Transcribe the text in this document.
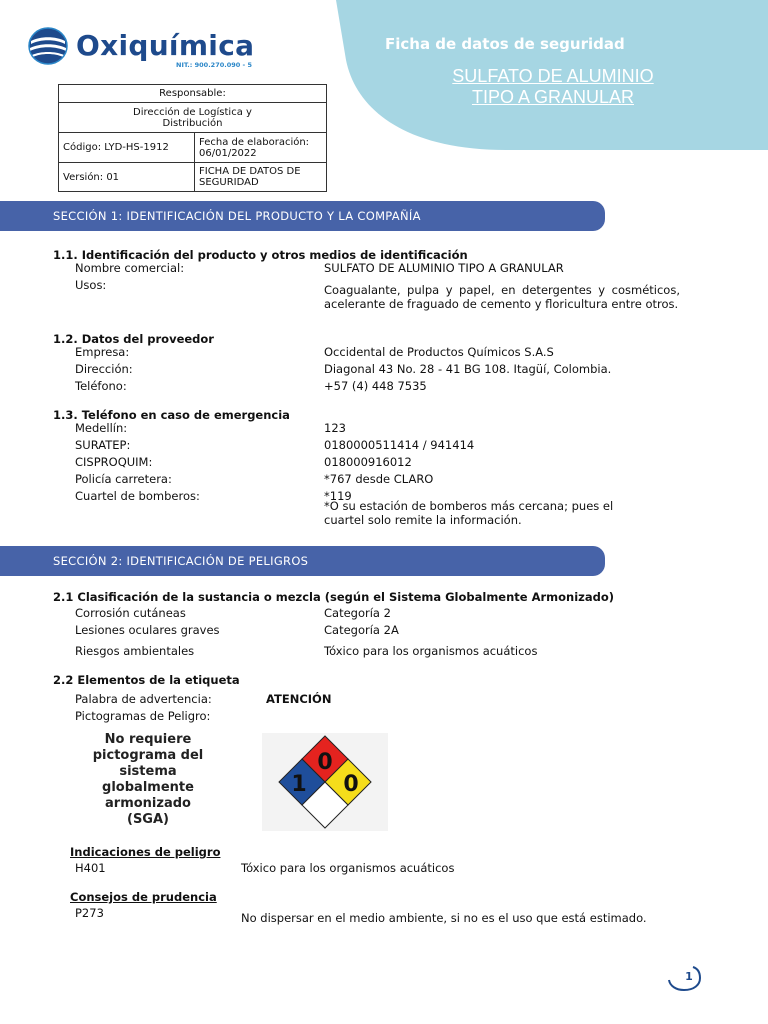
Ficha de datos de seguridad
SULFATO DE ALUMINIO
TIPO A GRANULAR
Oxiquímica
NIT.: 900.270.090 - 5
Responsable:	
Dirección de Logística y Distribución	
Código: LYD-HS-1912	Fecha de elaboración: 06/01/2022
Versión: 01	FICHA DE DATOS DE SEGURIDAD
SECCIÓN 1: IDENTIFICACIÓN DEL PRODUCTO Y LA COMPAÑÍA
1.1. Identificación del producto y otros medios de identificación
Nombre comercial:	SULFATO DE ALUMINIO TIPO A GRANULAR
Usos:	Coagualante, pulpa y papel, en detergentes y cosméticos, acelerante de fraguado de cemento y floricultura entre otros.
1.2. Datos del proveedor
Empresa:	Occidental de Productos Químicos S.A.S
Dirección:	Diagonal 43 No. 28 - 41 BG 108. Itagüí, Colombia.
Teléfono:	+57 (4) 448 7535
1.3. Teléfono en caso de emergencia
Medellín:	123
SURATEP:	0180000511414 / 941414
CISPROQUIM:	018000916012
Policía carretera:	*767 desde CLARO
Cuartel de bomberos:	*119
*O su estación de bomberos más cercana; pues el cuartel solo remite la información.
SECCIÓN 2: IDENTIFICACIÓN DE PELIGROS
2.1 Clasificación de la sustancia o mezcla (según el Sistema Globalmente Armonizado)
Corrosión cutáneas	Categoría 2
Lesiones oculares graves	Categoría 2A
Riesgos ambientales	Tóxico para los organismos acuáticos
2.2 Elementos de la etiqueta
Palabra de advertencia:	ATENCIÓN
Pictogramas de Peligro:
No requiere pictograma del sistema globalmente armonizado (SGA)
0
1 0
Indicaciones de peligro
H401	Tóxico para los organismos acuáticos
Consejos de prudencia
P273	No dispersar en el medio ambiente, si no es el uso que está estimado.
1
